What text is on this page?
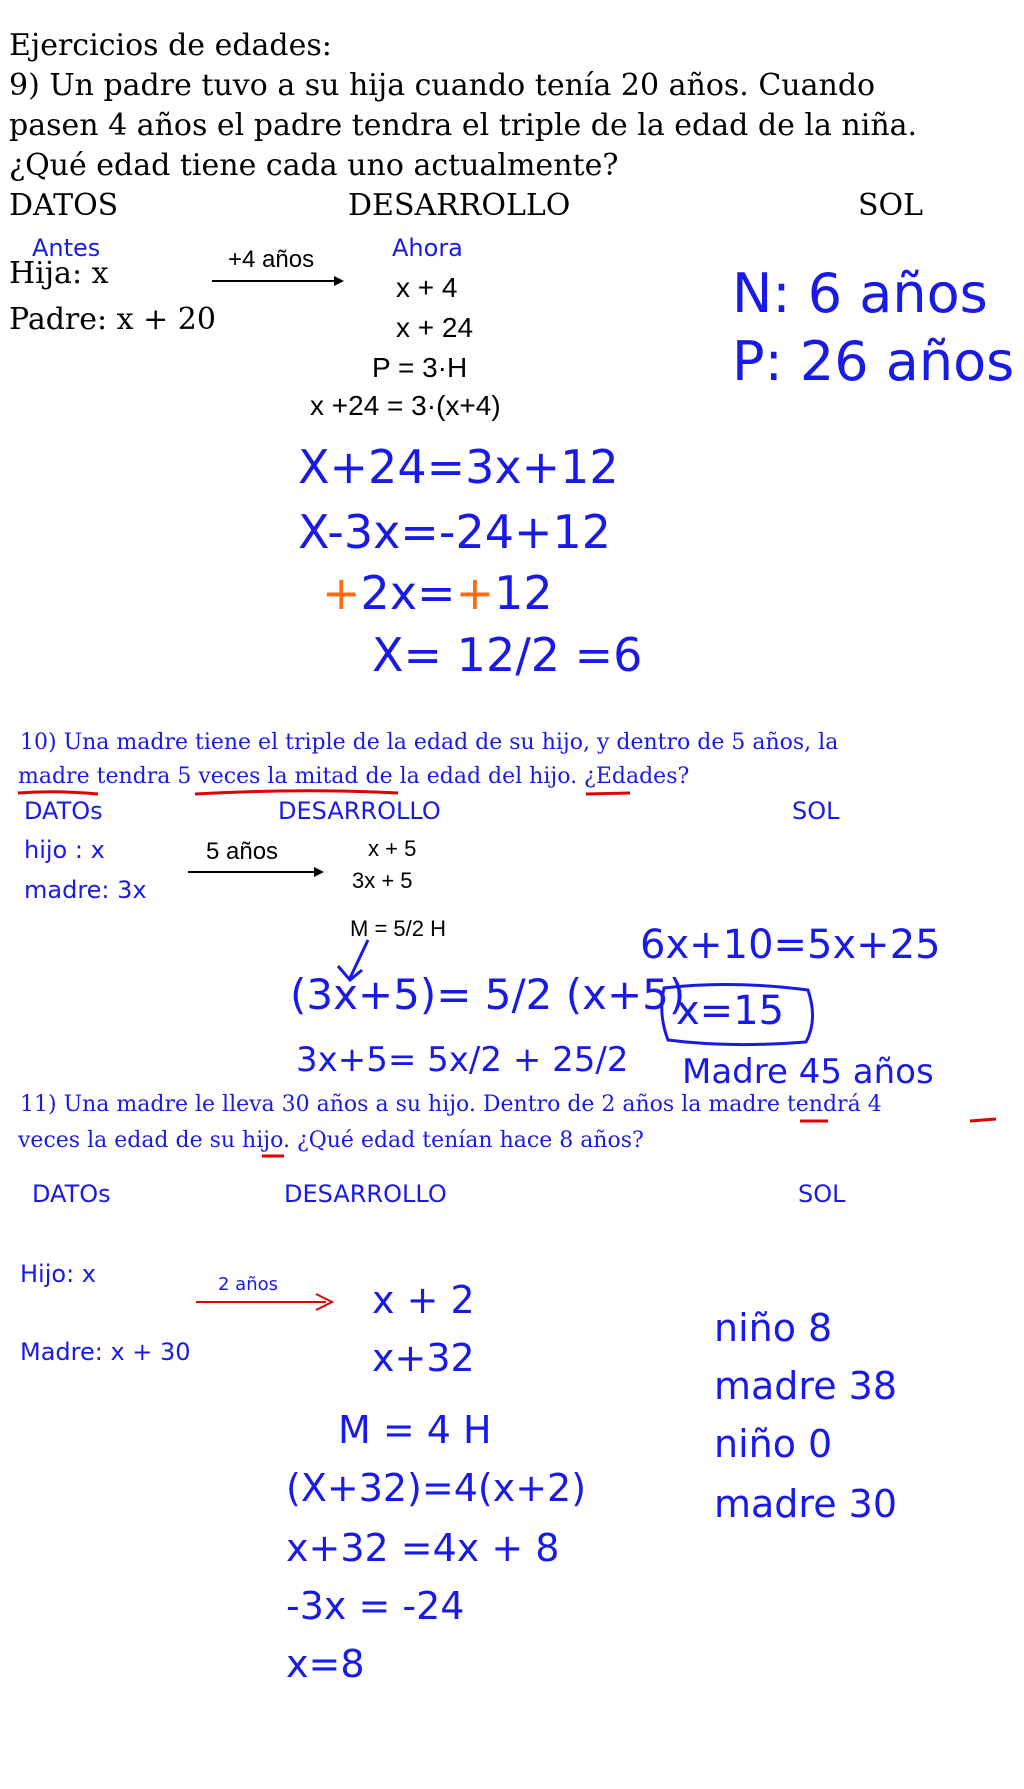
Ejercicios de edades:
9) Un padre tuvo a su hija cuando tenía 20 años. Cuando
pasen 4 años el padre tendra el triple de la edad de la niña.
¿Qué edad tiene cada uno actualmente?
DATOS	DESARROLLO	SOL
Antes	Ahora
Hija: x
Padre: x + 20
+4 años
x + 4
x + 24
P = 3·H
x +24 = 3·(x+4)
X+24=3x+12
X-3x=-24+12
+2x=+12
X= 12/2 =6
N: 6 años
P: 26 años
10) Una madre tiene el triple de la edad de su hijo, y dentro de 5 años, la
madre tendra 5 veces la mitad de la edad del hijo. ¿Edades?
DATOs	DESARROLLO	SOL
hijo : x
madre: 3x
5 años	x + 5
3x + 5
M = 5/2 H
(3x+5)= 5/2 (x+5)
3x+5= 5x/2 + 25/2
6x+10=5x+25
x=15
Madre 45 años
11) Una madre le lleva 30 años a su hijo. Dentro de 2 años la madre tendrá 4
veces la edad de su hijo. ¿Qué edad tenían hace 8 años?
DATOs	DESARROLLO	SOL
Hijo: x
Madre: x + 30
2 años x + 2
x+32
M = 4 H
(X+32)=4(x+2)
x+32 =4x + 8
-3x = -24
x=8
niño 8
madre 38
niño 0
madre 30
